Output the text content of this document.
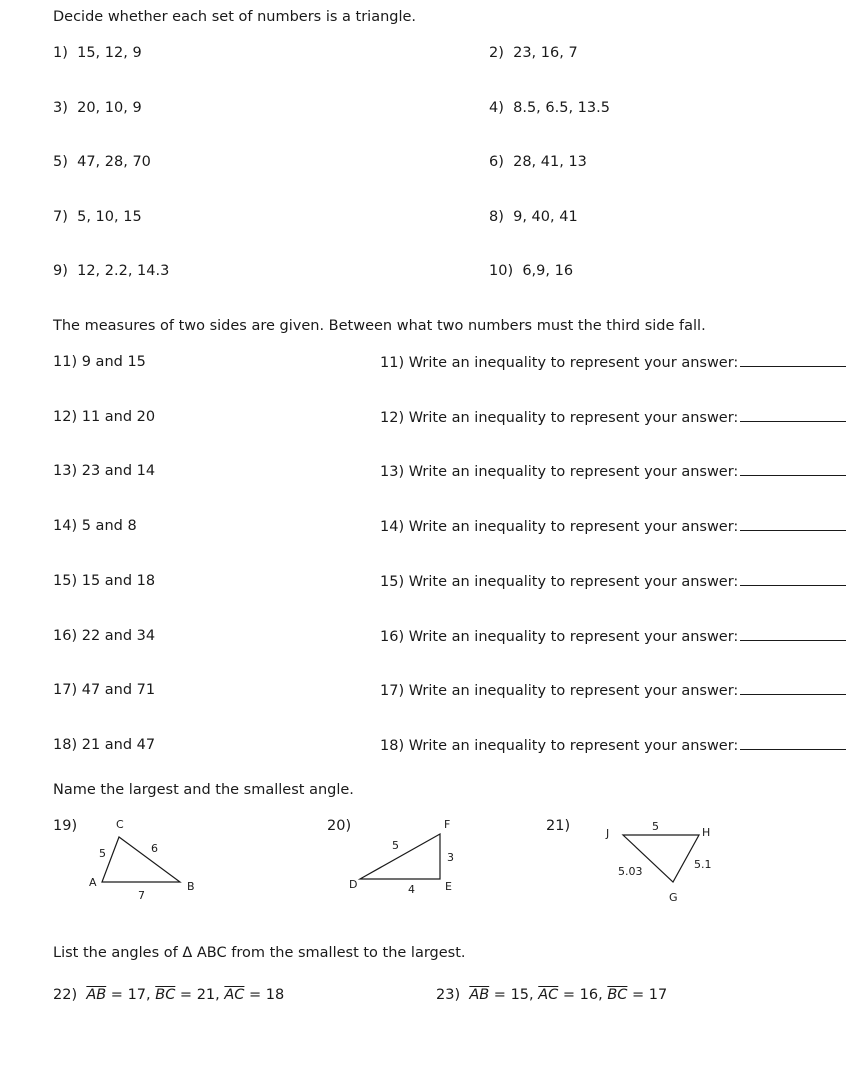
Decide whether each set of numbers is a triangle.
1) 15, 12, 9	2) 23, 16, 7
3) 20, 10, 9	4) 8.5, 6.5, 13.5
5) 47, 28, 70	6) 28, 41, 13
7) 5, 10, 15	8) 9, 40, 41
9) 12, 2.2, 14.3	10) 6,9, 16
The measures of two sides are given. Between what two numbers must the third side fall.
11) 9 and 15	11) Write an inequality to represent your answer:
12) 11 and 20	12) Write an inequality to represent your answer:
13) 23 and 14	13) Write an inequality to represent your answer:
14) 5 and 8	14) Write an inequality to represent your answer:
15) 15 and 18	15) Write an inequality to represent your answer:
16) 22 and 34	16) Write an inequality to represent your answer:
17) 47 and 71	17) Write an inequality to represent your answer:
18) 21 and 47	18) Write an inequality to represent your answer:
Name the largest and the smallest angle.
19)	C
A	B
5	6
7
20)	F
D	E
5
3
4
21)	J	H
G
5
5.1
5.03
List the angles of Δ ABC from the smallest to the largest.
22) $\overline{AB} = 17$, $\overline{BC} = 21$, $\overline{AC} = 18$	23) $\overline{AB} = 15$, $\overline{AC} = 16$, $\overline{BC} = 17$
